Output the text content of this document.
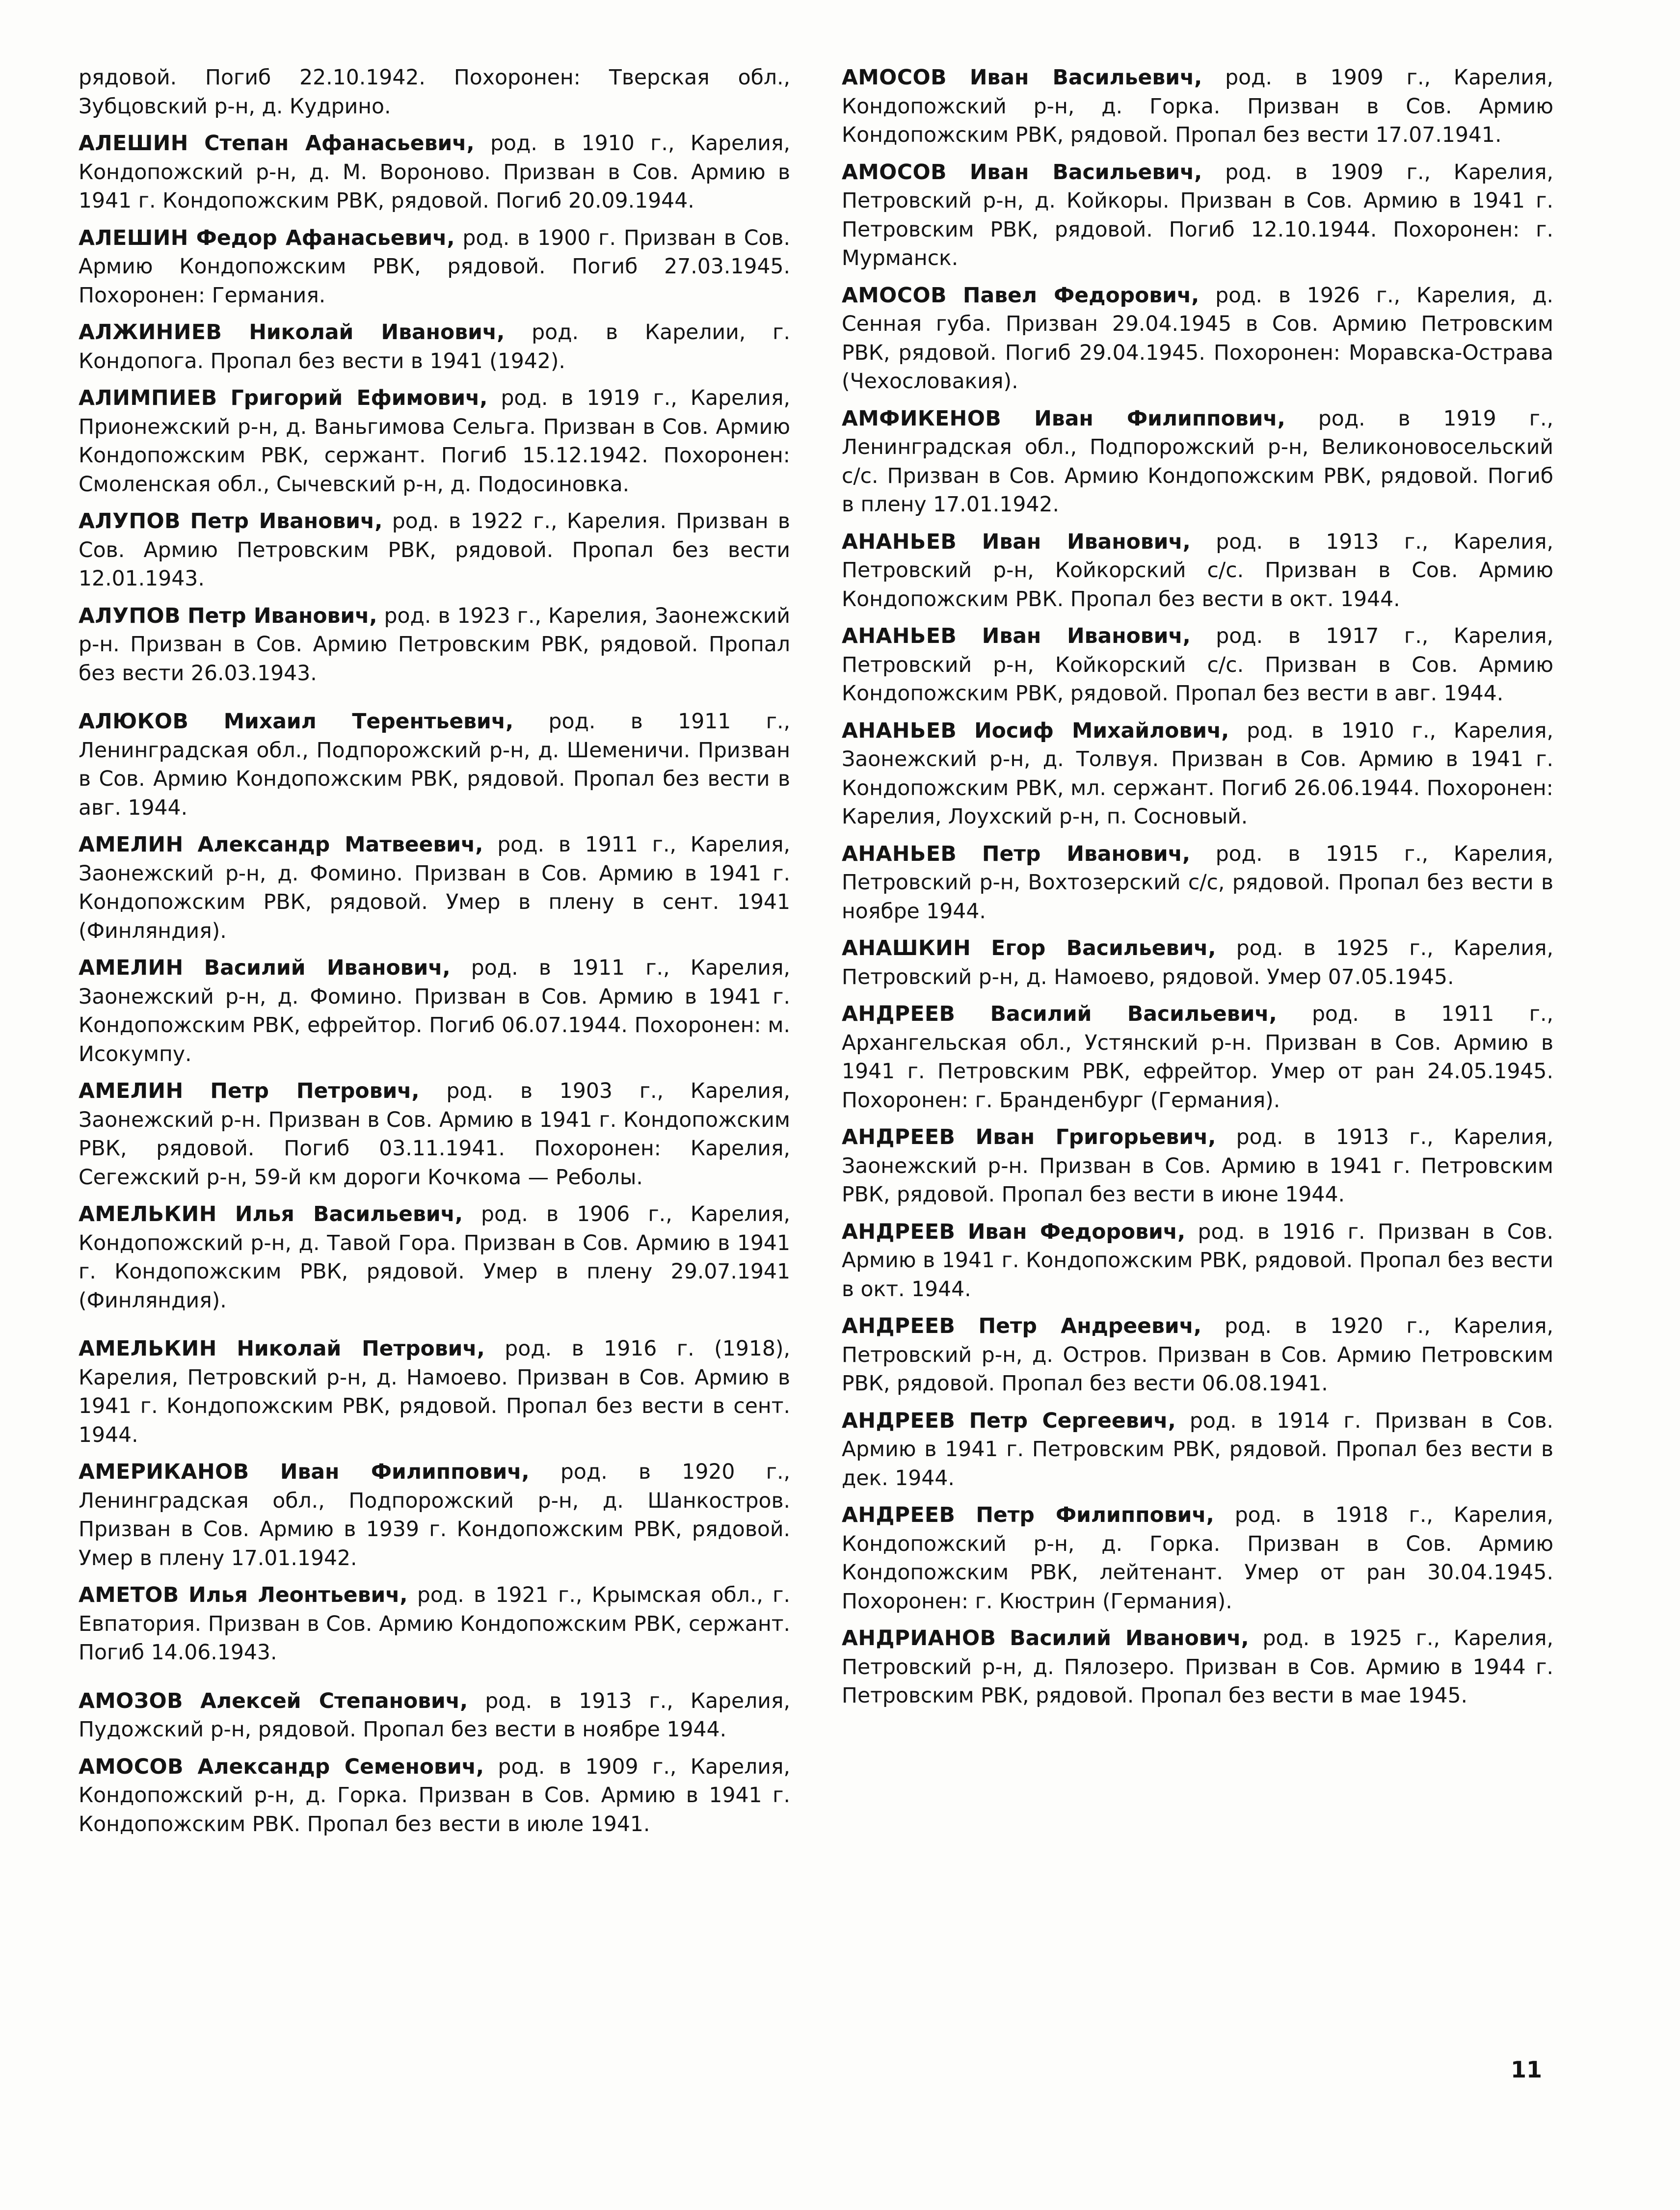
рядовой. Погиб 22.10.1942. Похоронен: Тверская обл., Зубцовский р-н, д. Кудрино.

АЛЕШИН Степан Афанасьевич, род. в 1910 г., Карелия, Кондопожский р-н, д. М. Вороново. Призван в Сов. Армию в 1941 г. Кондопожским РВК, рядовой. Погиб 20.09.1944.

АЛЕШИН Федор Афанасьевич, род. в 1900 г. Призван в Сов. Армию Кондопожским РВК, рядовой. Погиб 27.03.1945. Похоронен: Германия.

АЛЖИНИЕВ Николай Иванович, род. в Карелии, г. Кондопога. Пропал без вести в 1941 (1942).

АЛИМПИЕВ Григорий Ефимович, род. в 1919 г., Карелия, Прионежский р-н, д. Ваньгимова Сельга. Призван в Сов. Армию Кондопожским РВК, сержант. Погиб 15.12.1942. Похоронен: Смоленская обл., Сычевский р-н, д. Подосиновка.

АЛУПОВ Петр Иванович, род. в 1922 г., Карелия. Призван в Сов. Армию Петровским РВК, рядовой. Пропал без вести 12.01.1943.

АЛУПОВ Петр Иванович, род. в 1923 г., Карелия, Заонежский р-н. Призван в Сов. Армию Петровским РВК, рядовой. Пропал без вести 26.03.1943.

АЛЮКОВ Михаил Терентьевич, род. в 1911 г., Ленинградская обл., Подпорожский р-н, д. Шеменичи. Призван в Сов. Армию Кондопожским РВК, рядовой. Пропал без вести в авг. 1944.

АМЕЛИН Александр Матвеевич, род. в 1911 г., Карелия, Заонежский р-н, д. Фомино. Призван в Сов. Армию в 1941 г. Кондопожским РВК, рядовой. Умер в плену в сент. 1941 (Финляндия).

АМЕЛИН Василий Иванович, род. в 1911 г., Карелия, Заонежский р-н, д. Фомино. Призван в Сов. Армию в 1941 г. Кондопожским РВК, ефрейтор. Погиб 06.07.1944. Похоронен: м. Исокумпу.

АМЕЛИН Петр Петрович, род. в 1903 г., Карелия, Заонежский р-н. Призван в Сов. Армию в 1941 г. Кондопожским РВК, рядовой. Погиб 03.11.1941. Похоронен: Карелия, Сегежский р-н, 59-й км дороги Кочкома — Реболы.

АМЕЛЬКИН Илья Васильевич, род. в 1906 г., Карелия, Кондопожский р-н, д. Тавой Гора. Призван в Сов. Армию в 1941 г. Кондопожским РВК, рядовой. Умер в плену 29.07.1941 (Финляндия).

АМЕЛЬКИН Николай Петрович, род. в 1916 г. (1918), Карелия, Петровский р-н, д. Намоево. Призван в Сов. Армию в 1941 г. Кондопожским РВК, рядовой. Пропал без вести в сент. 1944.

АМЕРИКАНОВ Иван Филиппович, род. в 1920 г., Ленинградская обл., Подпорожский р-н, д. Шанкостров. Призван в Сов. Армию в 1939 г. Кондопожским РВК, рядовой. Умер в плену 17.01.1942.

АМЕТОВ Илья Леонтьевич, род. в 1921 г., Крымская обл., г. Евпатория. Призван в Сов. Армию Кондопожским РВК, сержант. Погиб 14.06.1943.

АМОЗОВ Алексей Степанович, род. в 1913 г., Карелия, Пудожский р-н, рядовой. Пропал без вести в ноябре 1944.

АМОСОВ Александр Семенович, род. в 1909 г., Карелия, Кондопожский р-н, д. Горка. Призван в Сов. Армию в 1941 г. Кондопожским РВК. Пропал без вести в июле 1941.

АМОСОВ Иван Васильевич, род. в 1909 г., Карелия, Кондопожский р-н, д. Горка. Призван в Сов. Армию Кондопожским РВК, рядовой. Пропал без вести 17.07.1941.

АМОСОВ Иван Васильевич, род. в 1909 г., Карелия, Петровский р-н, д. Койкоры. Призван в Сов. Армию в 1941 г. Петровским РВК, рядовой. Погиб 12.10.1944. Похоронен: г. Мурманск.

АМОСОВ Павел Федорович, род. в 1926 г., Карелия, д. Сенная губа. Призван 29.04.1945 в Сов. Армию Петровским РВК, рядовой. Погиб 29.04.1945. Похоронен: Моравска-Острава (Чехословакия).

АМФИКЕНОВ Иван Филиппович, род. в 1919 г., Ленинградская обл., Подпорожский р-н, Великоновосельский с/с. Призван в Сов. Армию Кондопожским РВК, рядовой. Погиб в плену 17.01.1942.

АНАНЬЕВ Иван Иванович, род. в 1913 г., Карелия, Петровский р-н, Койкорский с/с. Призван в Сов. Армию Кондопожским РВК. Пропал без вести в окт. 1944.

АНАНЬЕВ Иван Иванович, род. в 1917 г., Карелия, Петровский р-н, Койкорский с/с. Призван в Сов. Армию Кондопожским РВК, рядовой. Пропал без вести в авг. 1944.

АНАНЬЕВ Иосиф Михайлович, род. в 1910 г., Карелия, Заонежский р-н, д. Толвуя. Призван в Сов. Армию в 1941 г. Кондопожским РВК, мл. сержант. Погиб 26.06.1944. Похоронен: Карелия, Лоухский р-н, п. Сосновый.

АНАНЬЕВ Петр Иванович, род. в 1915 г., Карелия, Петровский р-н, Вохтозерский с/с, рядовой. Пропал без вести в ноябре 1944.

АНАШКИН Егор Васильевич, род. в 1925 г., Карелия, Петровский р-н, д. Намоево, рядовой. Умер 07.05.1945.

АНДРЕЕВ Василий Васильевич, род. в 1911 г., Архангельская обл., Устянский р-н. Призван в Сов. Армию в 1941 г. Петровским РВК, ефрейтор. Умер от ран 24.05.1945. Похоронен: г. Бранденбург (Германия).

АНДРЕЕВ Иван Григорьевич, род. в 1913 г., Карелия, Заонежский р-н. Призван в Сов. Армию в 1941 г. Петровским РВК, рядовой. Пропал без вести в июне 1944.

АНДРЕЕВ Иван Федорович, род. в 1916 г. Призван в Сов. Армию в 1941 г. Кондопожским РВК, рядовой. Пропал без вести в окт. 1944.

АНДРЕЕВ Петр Андреевич, род. в 1920 г., Карелия, Петровский р-н, д. Остров. Призван в Сов. Армию Петровским РВК, рядовой. Пропал без вести 06.08.1941.

АНДРЕЕВ Петр Сергеевич, род. в 1914 г. Призван в Сов. Армию в 1941 г. Петровским РВК, рядовой. Пропал без вести в дек. 1944.

АНДРЕЕВ Петр Филиппович, род. в 1918 г., Карелия, Кондопожский р-н, д. Горка. Призван в Сов. Армию Кондопожским РВК, лейтенант. Умер от ран 30.04.1945. Похоронен: г. Кюстрин (Германия).

АНДРИАНОВ Василий Иванович, род. в 1925 г., Карелия, Петровский р-н, д. Пялозеро. Призван в Сов. Армию в 1944 г. Петровским РВК, рядовой. Пропал без вести в мае 1945.

11
